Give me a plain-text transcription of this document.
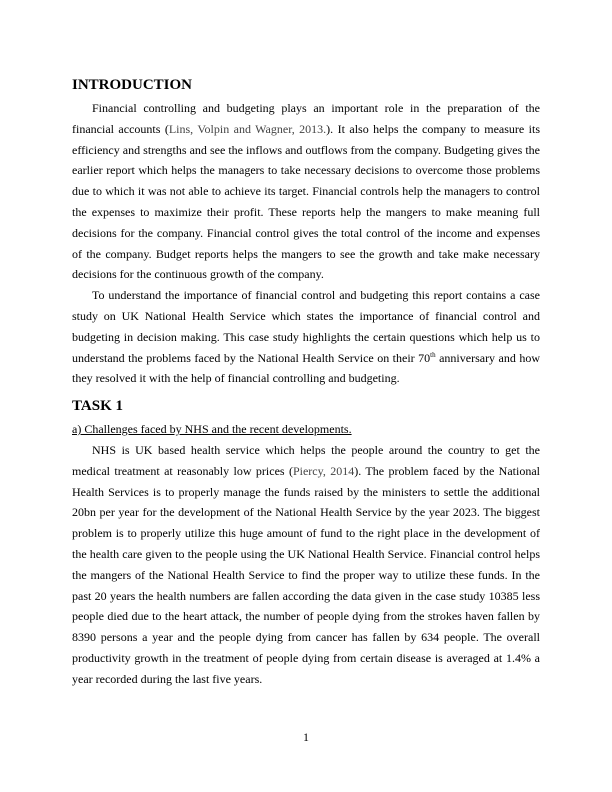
INTRODUCTION

Financial controlling and budgeting plays an important role in the preparation of the financial accounts (Lins, Volpin and Wagner, 2013.). It also helps the company to measure its efficiency and strengths and see the inflows and outflows from the company. Budgeting gives the earlier report which helps the managers to take necessary decisions to overcome those problems due to which it was not able to achieve its target. Financial controls help the managers to control the expenses to maximize their profit. These reports help the mangers to make meaning full decisions for the company. Financial control gives the total control of the income and expenses of the company. Budget reports helps the mangers to see the growth and take make necessary decisions for the continuous growth of the company.

To understand the importance of financial control and budgeting this report contains a case study on UK National Health Service which states the importance of financial control and budgeting in decision making. This case study highlights the certain questions which help us to understand the problems faced by the National Health Service on their 70th anniversary and how they resolved it with the help of financial controlling and budgeting.

TASK 1

a) Challenges faced by NHS and the recent developments.

NHS is UK based health service which helps the people around the country to get the medical treatment at reasonably low prices (Piercy, 2014). The problem faced by the National Health Services is to properly manage the funds raised by the ministers to settle the additional 20bn per year for the development of the National Health Service by the year 2023. The biggest problem is to properly utilize this huge amount of fund to the right place in the development of the health care given to the people using the UK National Health Service. Financial control helps the mangers of the National Health Service to find the proper way to utilize these funds. In the past 20 years the health numbers are fallen according the data given in the case study 10385 less people died due to the heart attack, the number of people dying from the strokes haven fallen by 8390 persons a year and the people dying from cancer has fallen by 634 people. The overall productivity growth in the treatment of people dying from certain disease is averaged at 1.4% a year recorded during the last five years.

1
